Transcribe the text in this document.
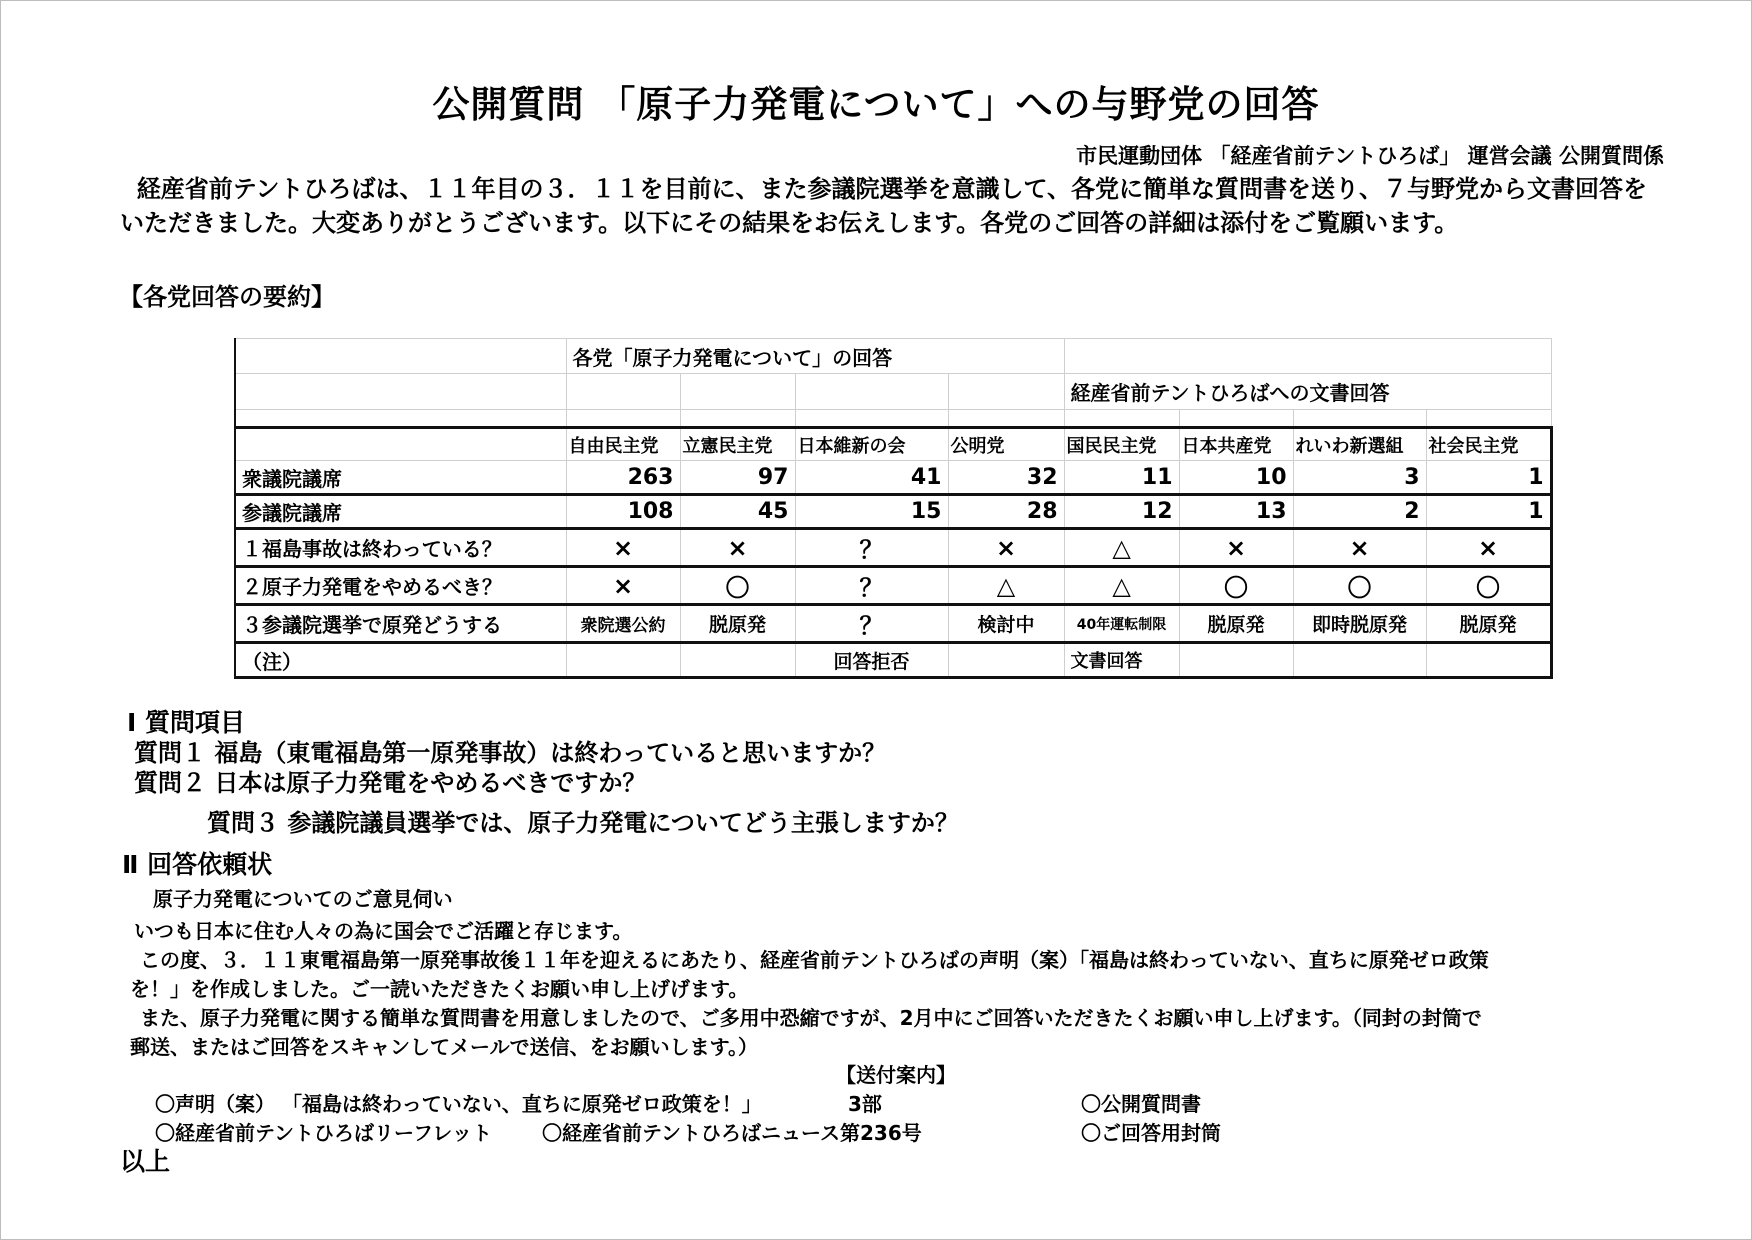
公開質問 「原子力発電について」への与野党の回答
市民運動団体 「経産省前テントひろば」 運営会議 公開質問係
経産省前テントひろばは、１１年目の３．１１を目前に、また参議院選挙を意識して、各党に簡単な質問書を送り、７与野党から文書回答をいただきました。大変ありがとうございます。以下にその結果をお伝えします。各党のご回答の詳細は添付をご覧願います。
【各党回答の要約】
	各党「原子力発電について」の回答							
					経産省前テントひろばへの文書回答			

	自由民主党	立憲民主党	日本維新の会	公明党	国民民主党	日本共産党	れいわ新選組	社会民主党
衆議院議席	263	97	41	32	11	10	3	1
参議院議席	108	45	15	28	12	13	2	1
１福島事故は終わっている？	×	×	？	×	△	×	×	×
２原子力発電をやめるべき？	×	〇	？	△	△	〇	〇	〇
３参議院選挙で原発どうする	衆院選公約	脱原発	？	検討中	40年運転制限	脱原発	即時脱原発	脱原発
（注）			回答拒否		文書回答			
Ⅰ 質問項目
質問１ 福島（東電福島第一原発事故）は終わっていると思いますか？
質問２ 日本は原子力発電をやめるべきですか？
質問３ 参議院議員選挙では、原子力発電についてどう主張しますか？
Ⅱ 回答依頼状
原子力発電についてのご意見伺い
いつも日本に住む人々の為に国会でご活躍と存じます。
この度、３．１１東電福島第一原発事故後１１年を迎えるにあたり、経産省前テントひろばの声明（案）「福島は終わっていない、直ちに原発ゼロ政策
を！」を作成しました。ご一読いただきたくお願い申し上げげます。
また、原子力発電に関する簡単な質問書を用意しましたので、ご多用中恐縮ですが、2月中にご回答いただきたくお願い申し上げます。（同封の封筒で
郵送、またはご回答をスキャンしてメールで送信、をお願いします。）
【送付案内】
〇声明（案） 「福島は終わっていない、直ちに原発ゼロ政策を！」	3部	〇公開質問書
〇経産省前テントひろばリーフレット	〇経産省前テントひろばニュース第236号	〇ご回答用封筒
以上
